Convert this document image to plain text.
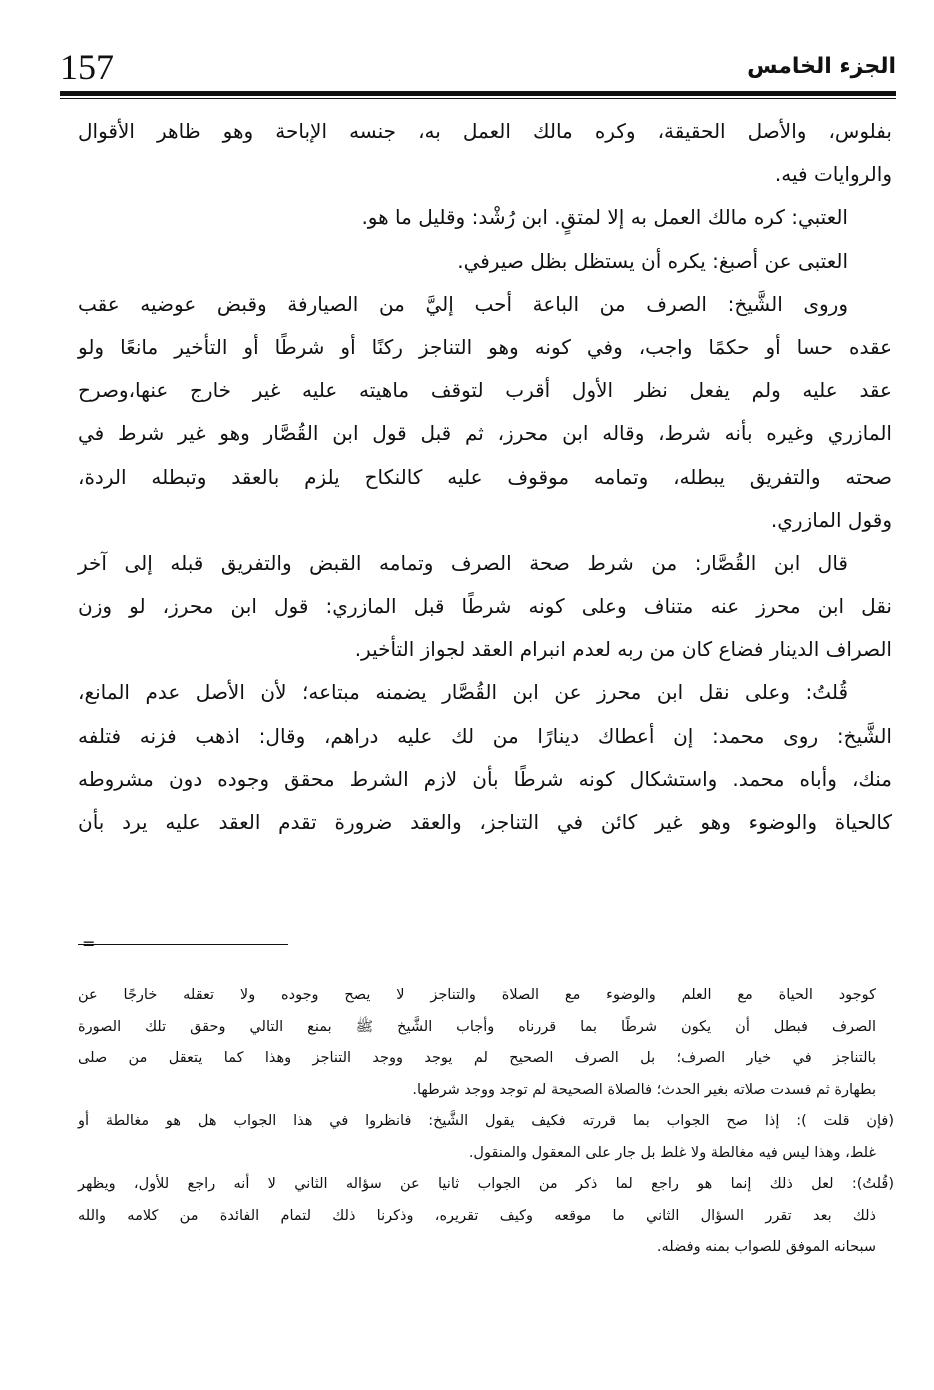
157	الجزء الخامس
بفلوس، والأصل الحقيقة، وكره مالك العمل به، جنسه الإباحة وهو ظاهر الأقوال
والروايات فيه.
العتبي: كره مالك العمل به إلا لمتقٍ. ابن رُشْد: وقليل ما هو.
العتبى عن أصبغ: يكره أن يستظل بظل صيرفي.
وروى الشَّيخ: الصرف من الباعة أحب إليَّ من الصيارفة وقبض عوضيه عقب
عقده حسا أو حكمًا واجب، وفي كونه وهو التناجز ركنًا أو شرطًا أو التأخير مانعًا ولو
عقد عليه ولم يفعل نظر الأول أقرب لتوقف ماهيته عليه غير خارج عنها،وصرح
المازري وغيره بأنه شرط، وقاله ابن محرز، ثم قبل قول ابن القُصَّار وهو غير شرط في
صحته والتفريق يبطله، وتمامه موقوف عليه كالنكاح يلزم بالعقد وتبطله الردة،
وقول المازري.
قال ابن القُصَّار: من شرط صحة الصرف وتمامه القبض والتفريق قبله إلى آخر
نقل ابن محرز عنه متناف وعلى كونه شرطًا قبل المازري: قول ابن محرز، لو وزن
الصراف الدينار فضاع كان من ربه لعدم انبرام العقد لجواز التأخير.
قُلتُ: وعلى نقل ابن محرز عن ابن القُصَّار يضمنه مبتاعه؛ لأن الأصل عدم المانع،
الشَّيخ: روى محمد: إن أعطاك دينارًا من لك عليه دراهم، وقال: اذهب فزنه فتلفه
منك، وأباه محمد. واستشكال كونه شرطًا بأن لازم الشرط محقق وجوده دون مشروطه
كالحياة والوضوء وهو غير كائن في التناجز، والعقد ضرورة تقدم العقد عليه يرد بأن
=
كوجود الحياة مع العلم والوضوء مع الصلاة والتناجز لا يصح وجوده ولا تعقله خارجًا عن
الصرف فبطل أن يكون شرطًا بما قررناه وأجاب الشَّيخ ﷺ بمنع التالي وحقق تلك الصورة
بالتناجز في خيار الصرف؛ بل الصرف الصحيح لم يوجد ووجد التناجز وهذا كما يتعقل من صلى
بطهارة ثم فسدت صلاته بغير الحدث؛ فالصلاة الصحيحة لم توجد ووجد شرطها.
(فإن قلت ): إذا صح الجواب بما قررته فكيف يقول الشَّيخ: فانظروا في هذا الجواب هل هو مغالطة أو
غلط، وهذا ليس فيه مغالطة ولا غلط بل جار على المعقول والمنقول.
(قُلتُ): لعل ذلك إنما هو راجع لما ذكر من الجواب ثانيا عن سؤاله الثاني لا أنه راجع للأول، ويظهر
ذلك بعد تقرر السؤال الثاني ما موقعه وكيف تقريره، وذكرنا ذلك لتمام الفائدة من كلامه والله
سبحانه الموفق للصواب بمنه وفضله.
